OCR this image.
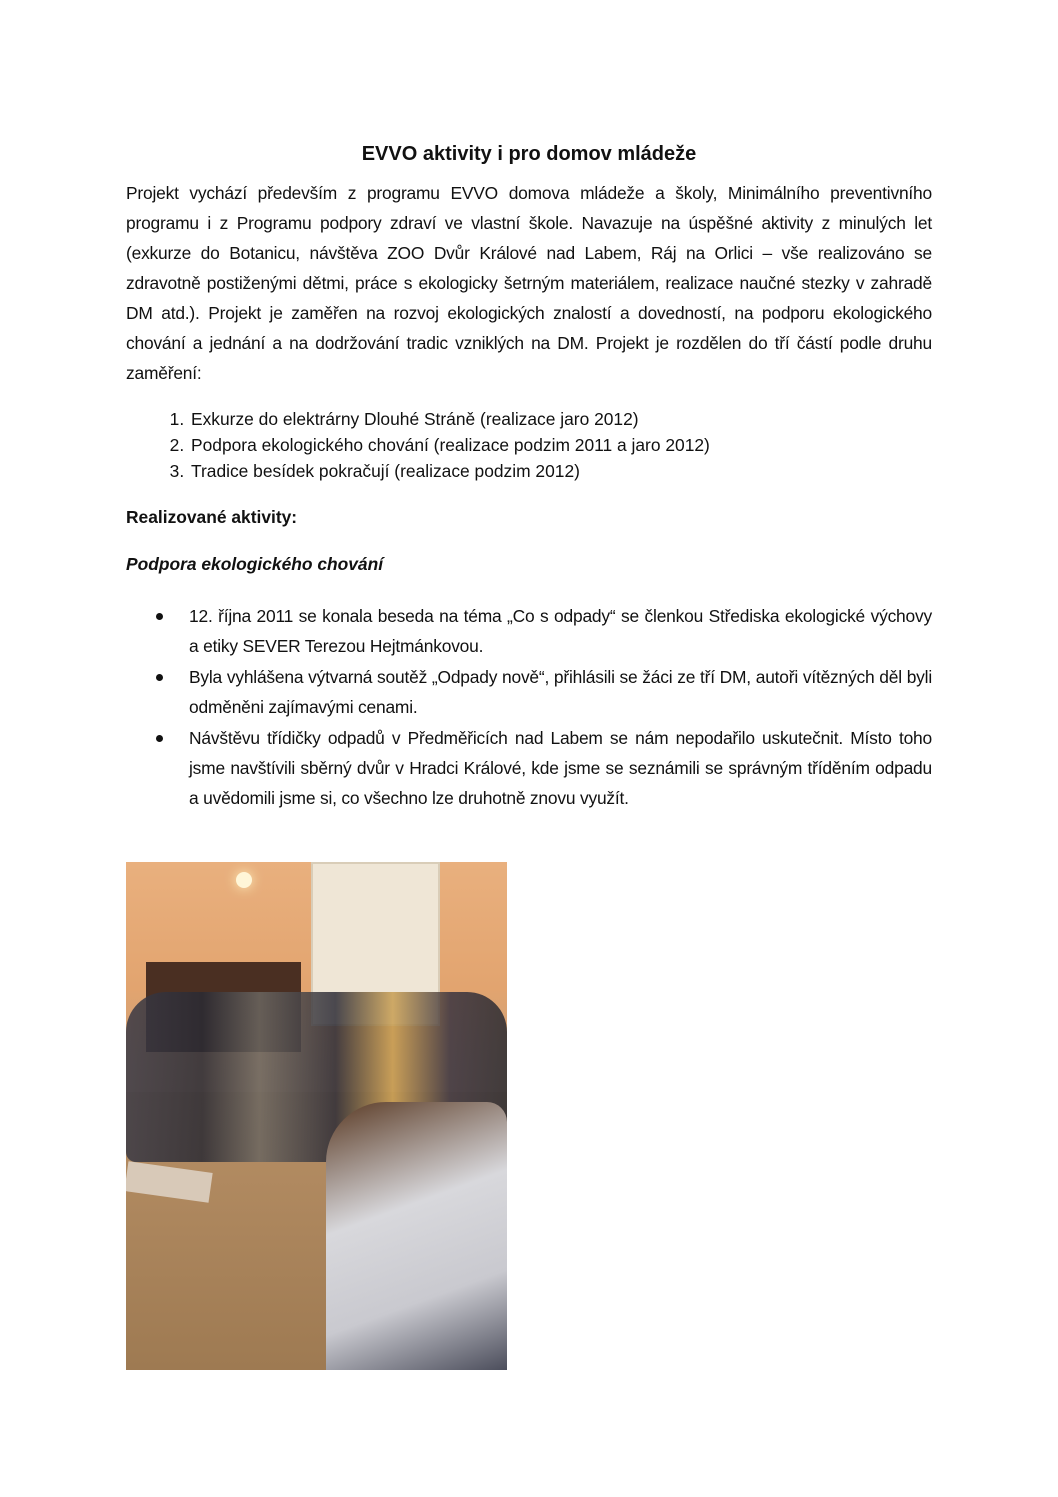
EVVO aktivity i pro domov mládeže

Projekt vychází především z programu EVVO domova mládeže a školy, Minimálního preventivního programu i z Programu podpory zdraví ve vlastní škole. Navazuje na úspěšné aktivity z minulých let (exkurze do Botanicu, návštěva ZOO Dvůr Králové nad Labem, Ráj na Orlici – vše realizováno se zdravotně postiženými dětmi, práce s ekologicky šetrným materiálem, realizace naučné stezky v zahradě DM atd.). Projekt je zaměřen na rozvoj ekologických znalostí a dovedností, na podporu ekologického chování a jednání a na dodržování tradic vzniklých na DM. Projekt je rozdělen do tří částí podle druhu zaměření:

1. Exkurze do elektrárny Dlouhé Stráně (realizace jaro 2012)
2. Podpora ekologického chování (realizace podzim 2011 a jaro 2012)
3. Tradice besídek pokračují (realizace podzim 2012)

Realizované aktivity:

Podpora ekologického chování

12. října 2011 se konala beseda na téma „Co s odpady“ se členkou Střediska ekologické výchovy a etiky SEVER Terezou Hejtmánkovou.
Byla vyhlášena výtvarná soutěž „Odpady nově“, přihlásili se žáci ze tří DM, autoři vítězných děl byli odměněni zajímavými cenami.
Návštěvu třídičky odpadů v Předměřicích nad Labem se nám nepodařilo uskutečnit. Místo toho jsme navštívili sběrný dvůr v Hradci Králové, kde jsme se seznámili se správným tříděním odpadu a uvědomili jsme si, co všechno lze druhotně znovu využít.
